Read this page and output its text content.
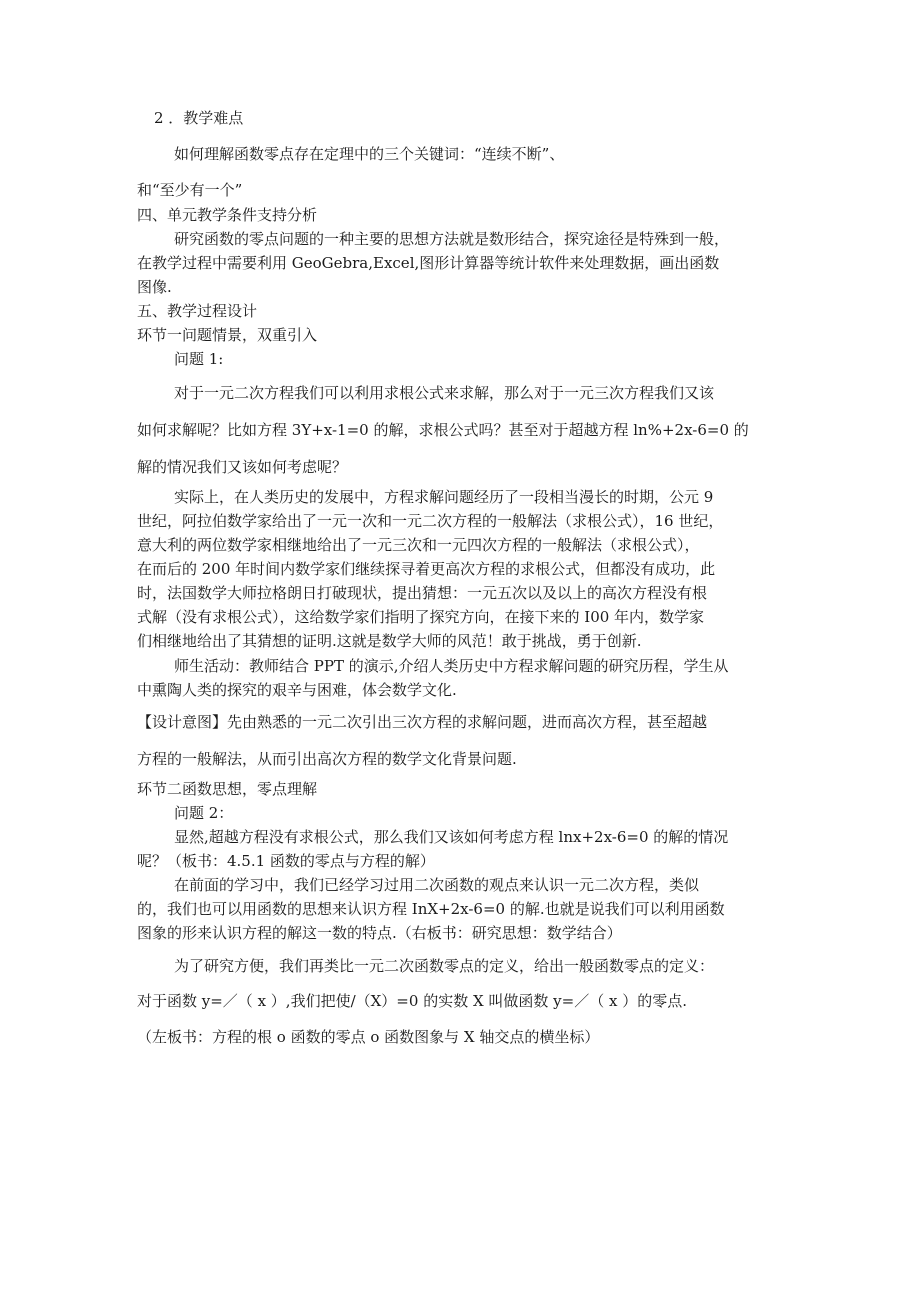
2 ．教学难点
如何理解函数零点存在定理中的三个关键词：“连续不断”、
和“至少有一个”
四、单元教学条件支持分析
研究函数的零点问题的一种主要的思想方法就是数形结合，探究途径是特殊到一般，
在教学过程中需要利用 GeoGebra,Excel,图形计算器等统计软件来处理数据，画出函数
图像.
五、教学过程设计
环节一问题情景，双重引入
问题 1:
对于一元二次方程我们可以利用求根公式来求解，那么对于一元三次方程我们又该
如何求解呢？比如方程 3Y+x-1=0 的解，求根公式吗？甚至对于超越方程 ln%+2x-6=0 的
解的情况我们又该如何考虑呢？
实际上，在人类历史的发展中，方程求解问题经历了一段相当漫长的时期，公元 9
世纪，阿拉伯数学家给出了一元一次和一元二次方程的一般解法（求根公式），16 世纪，
意大利的两位数学家相继地给出了一元三次和一元四次方程的一般解法（求根公式），
在而后的 200 年时间内数学家们继续探寻着更高次方程的求根公式，但都没有成功，此
时，法国数学大师拉格朗日打破现状，提出猜想：一元五次以及以上的高次方程没有根
式解（没有求根公式），这给数学家们指明了探究方向，在接下来的 I00 年内，数学家
们相继地给出了其猜想的证明.这就是数学大师的风范！敢于挑战，勇于创新.
师生活动：教师结合 PPT 的演示,介绍人类历史中方程求解问题的研究历程，学生从
中熏陶人类的探究的艰辛与困难，体会数学文化.
【设计意图】先由熟悉的一元二次引出三次方程的求解问题，进而高次方程，甚至超越
方程的一般解法，从而引出高次方程的数学文化背景问题.
环节二函数思想，零点理解
问题 2：
显然,超越方程没有求根公式，那么我们又该如何考虑方程 lnx+2x-6=0 的解的情况
呢？（板书：4.5.1 函数的零点与方程的解）
在前面的学习中，我们已经学习过用二次函数的观点来认识一元二次方程，类似
的，我们也可以用函数的思想来认识方程 InX+2x-6=0 的解.也就是说我们可以利用函数
图象的形来认识方程的解这一数的特点.（右板书：研究思想：数学结合）
为了研究方便，我们再类比一元二次函数零点的定义，给出一般函数零点的定义：
对于函数 y=／（ x ）,我们把使/（X）=0 的实数 X 叫做函数 y=／（ x ）的零点.
（左板书：方程的根 o 函数的零点 o 函数图象与 X 轴交点的横坐标）
